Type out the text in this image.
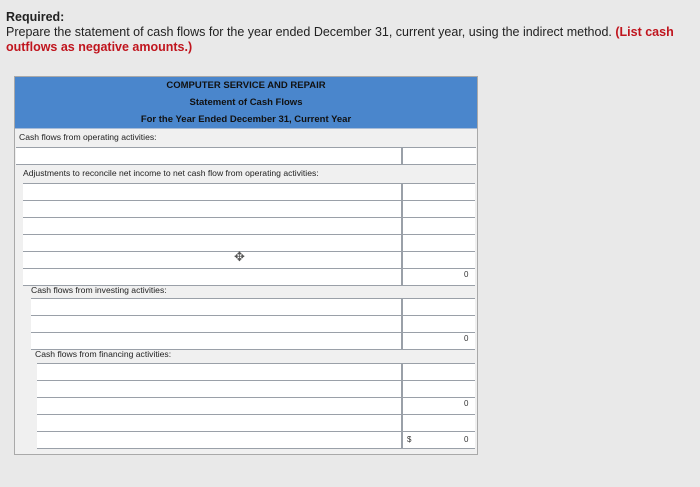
Required:
Prepare the statement of cash flows for the year ended December 31, current year, using the indirect method. (List cash outflows as negative amounts.)
COMPUTER SERVICE AND REPAIR
Statement of Cash Flows
For the Year Ended December 31, Current Year
Cash flows from operating activities:
Adjustments to reconcile net income to net cash flow from operating activities:
0
Cash flows from investing activities:
0
Cash flows from financing activities:
0
$	0
✥
